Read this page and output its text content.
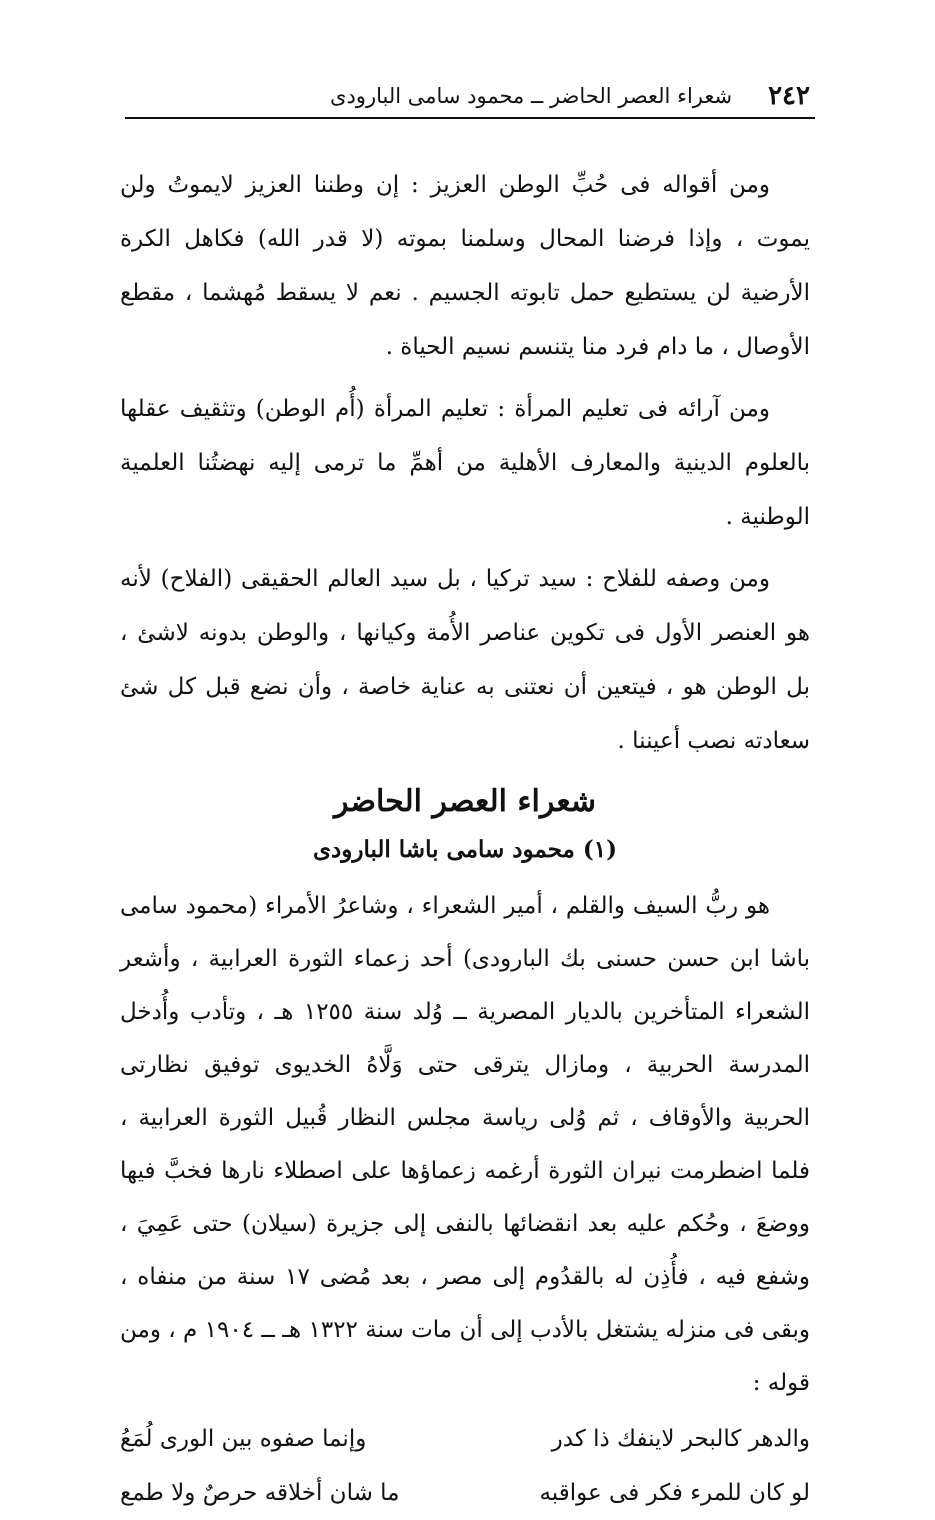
٢٤٢
شعراء العصر الحاضر ــ محمود سامى البارودى

ومن أقواله فى حُبِّ الوطن العزيز : إن وطننا العزيز لايموتُ ولن يموت ، وإذا فرضنا المحال وسلمنا بموته (لا قدر الله) فكاهل الكرة الأرضية لن يستطيع حمل تابوته الجسيم . نعم لا يسقط مُهشما ، مقطع الأوصال ، ما دام فرد منا يتنسم نسيم الحياة .

ومن آرائه فى تعليم المرأة : تعليم المرأة (أُم الوطن) وتثقيف عقلها بالعلوم الدينية والمعارف الأهلية من أهمِّ ما ترمى إليه نهضتُنا العلمية الوطنية .

ومن وصفه للفلاح : سيد تركيا ، بل سيد العالم الحقيقى (الفلاح) لأنه هو العنصر الأول فى تكوين عناصر الأُمة وكيانها ، والوطن بدونه لاشئ ، بل الوطن هو ، فيتعين أن نعتنى به عناية خاصة ، وأن نضع قبل كل شئ سعادته نصب أعيننا .

شعراء العصر الحاضر
(١) محمود سامى باشا البارودى

هو ربُّ السيف والقلم ، أمير الشعراء ، وشاعرُ الأمراء (محمود سامى باشا ابن حسن حسنى بك البارودى) أحد زعماء الثورة العرابية ، وأشعر الشعراء المتأخرين بالديار المصرية ــ وُلد سنة ١٢٥٥ هـ ، وتأدب وأُدخل المدرسة الحربية ، ومازال يترقى حتى وَلَّاهُ الخديوى توفيق نظارتى الحربية والأوقاف ، ثم وُلى رياسة مجلس النظار قُبيل الثورة العرابية ، فلما اضطرمت نيران الثورة أرغمه زعماؤها على اصطلاء نارها فخبَّ فيها ووضعَ ، وحُكم عليه بعد انقضائها بالنفى إلى جزيرة (سيلان) حتى عَمِيَ ، وشفع فيه ، فأُذِن له بالقدُوم إلى مصر ، بعد مُضى ١٧ سنة من منفاه ، وبقى فى منزله يشتغل بالأدب إلى أن مات سنة ١٣٢٢ هـ ــ ١٩٠٤ م ، ومن قوله :

والدهر كالبحر لاينفك ذا كدر
وإنما صفوه بين الورى لُمَعُ
لو كان للمرء فكر فى عواقبه
ما شان أخلاقه حرصٌ ولا طمع
